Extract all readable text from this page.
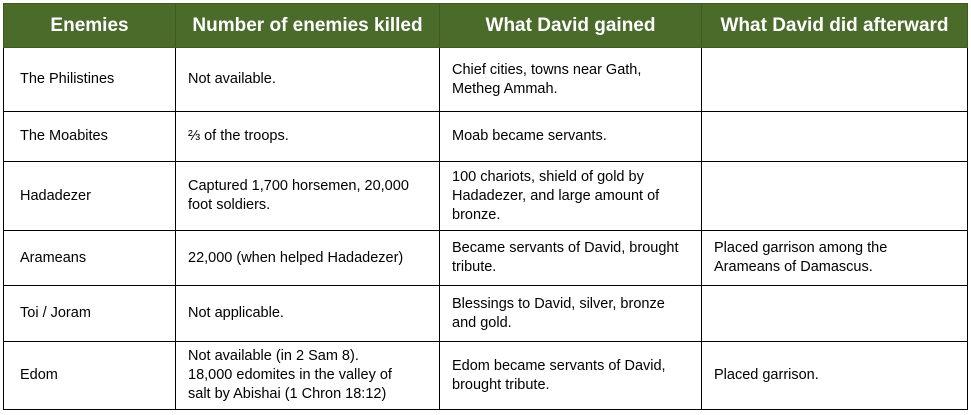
Enemies	Number of enemies killed	What David gained	What David did afterward
The Philistines	Not available.	Chief cities, towns near Gath,
Metheg Ammah.	
The Moabites	⅔ of the troops.	Moab became servants.	
Hadadezer	Captured 1,700 horsemen, 20,000
foot soldiers.	100 chariots, shield of gold by
Hadadezer, and large amount of
bronze.	
Arameans	22,000 (when helped Hadadezer)	Became servants of David, brought
tribute.	Placed garrison among the
Arameans of Damascus.
Toi / Joram	Not applicable.	Blessings to David, silver, bronze
and gold.	
Edom	Not available (in 2 Sam 8).
18,000 edomites in the valley of
salt by Abishai (1 Chron 18:12)	Edom became servants of David,
brought tribute.	Placed garrison.
